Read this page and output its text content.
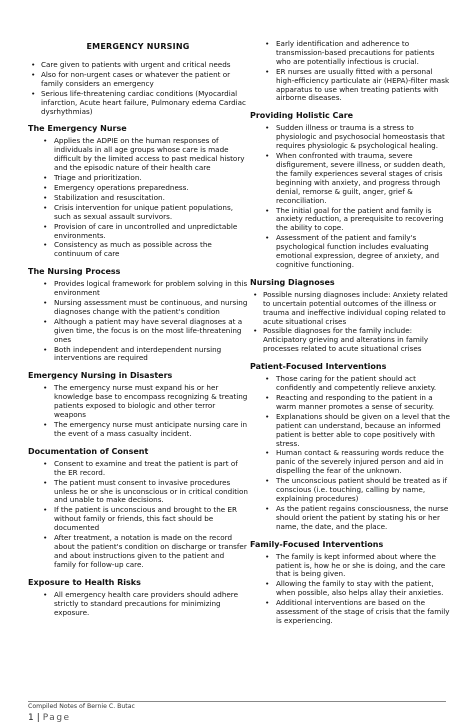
EMERGENCY NURSING
• Care given to patients with urgent and critical needs
• Also for non-urgent cases or whatever the patient or family considers an emergency
• Serious life-threatening cardiac conditions (Myocardial infarction, Acute heart failure, Pulmonary edema Cardiac dysrhythmias)
The Emergency Nurse
• Applies the ADPIE on the human responses of individuals in all age groups whose care is made difficult by the limited access to past medical history and the episodic nature of their health care
• Triage and prioritization.
• Emergency operations preparedness.
• Stabilization and resuscitation.
• Crisis intervention for unique patient populations, such as sexual assault survivors.
• Provision of care in uncontrolled and unpredictable environments.
• Consistency as much as possible across the continuum of care
The Nursing Process
• Provides logical framework for problem solving in this environment
• Nursing assessment must be continuous, and nursing diagnoses change with the patient's condition
• Although a patient may have several diagnoses at a given time, the focus is on the most life-threatening ones
• Both independent and interdependent nursing interventions are required
Emergency Nursing in Disasters
• The emergency nurse must expand his or her knowledge base to encompass recognizing & treating patients exposed to biologic and other terror weapons
• The emergency nurse must anticipate nursing care in the event of a mass casualty incident.
Documentation of Consent
• Consent to examine and treat the patient is part of the ER record.
• The patient must consent to invasive procedures unless he or she is unconscious or in critical condition and unable to make decisions.
• If the patient is unconscious and brought to the ER without family or friends, this fact should be documented
• After treatment, a notation is made on the record about the patient's condition on discharge or transfer and about instructions given to the patient and family for follow-up care.
Exposure to Health Risks
• All emergency health care providers should adhere strictly to standard precautions for minimizing exposure.
• Early identification and adherence to transmission-based precautions for patients who are potentially infectious is crucial.
• ER nurses are usually fitted with a personal high-efficiency particulate air (HEPA)-filter mask apparatus to use when treating patients with airborne diseases.
Providing Holistic Care
• Sudden illness or trauma is a stress to physiologic and psychosocial homeostasis that requires physiologic & psychological healing.
• When confronted with trauma, severe disfigurement, severe illness, or sudden death, the family experiences several stages of crisis beginning with anxiety, and progress through denial, remorse & guilt, anger, grief & reconciliation.
• The initial goal for the patient and family is anxiety reduction, a prerequisite to recovering the ability to cope.
• Assessment of the patient and family's psychological function includes evaluating emotional expression, degree of anxiety, and cognitive functioning.
Nursing Diagnoses
• Possible nursing diagnoses include: Anxiety related to uncertain potential outcomes of the illness or trauma and ineffective individual coping related to acute situational crises
• Possible diagnoses for the family include: Anticipatory grieving and alterations in family processes related to acute situational crises
Patient-Focused Interventions
• Those caring for the patient should act confidently and competently relieve anxiety.
• Reacting and responding to the patient in a warm manner promotes a sense of security.
• Explanations should be given on a level that the patient can understand, because an informed patient is better able to cope positively with stress.
• Human contact & reassuring words reduce the panic of the severely injured person and aid in dispelling the fear of the unknown.
• The unconscious patient should be treated as if conscious (i.e. touching, calling by name, explaining procedures)
• As the patient regains consciousness, the nurse should orient the patient by stating his or her name, the date, and the place.
Family-Focused Interventions
• The family is kept informed about where the patient is, how he or she is doing, and the care that is being given.
• Allowing the family to stay with the patient, when possible, also helps allay their anxieties.
• Additional interventions are based on the assessment of the stage of crisis that the family is experiencing.
Compiled Notes of Bernie C. Butac
1 | Page
